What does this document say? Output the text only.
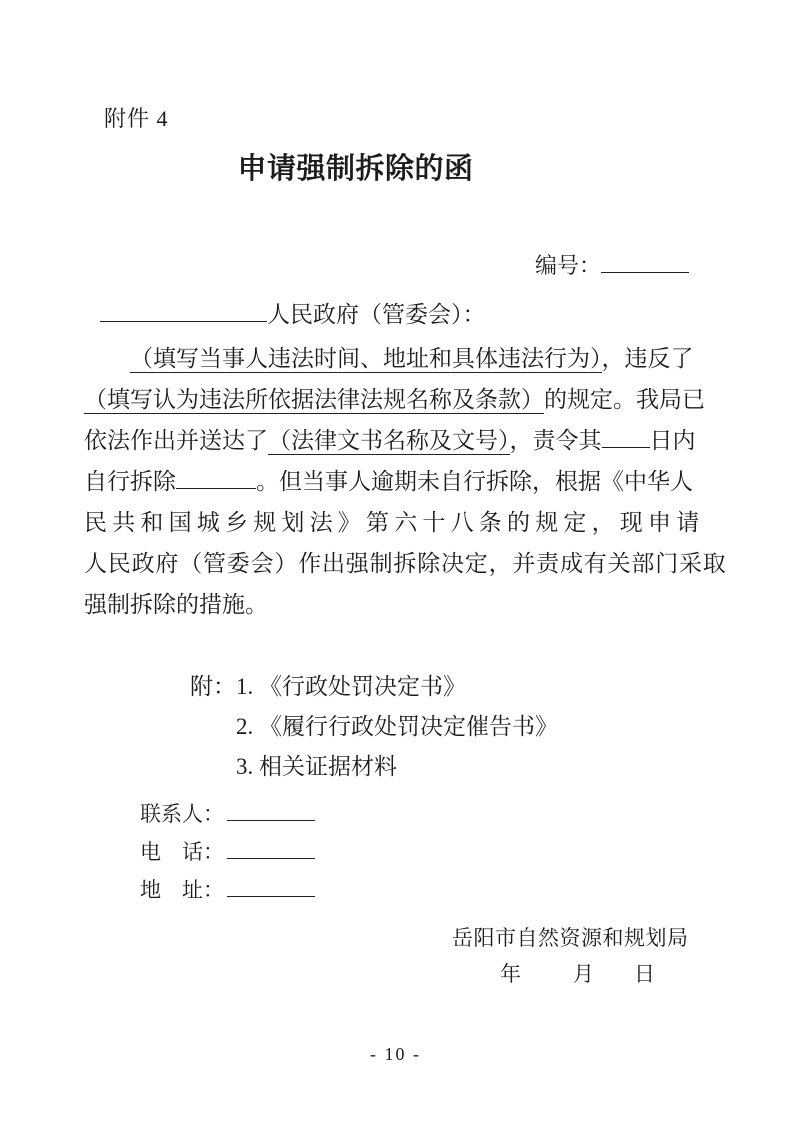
附件 4
申请强制拆除的函
编号：
人民政府（管委会）：
（填写当事人违法时间、地址和具体违法行为），违反了
（填写认为违法所依据法律法规名称及条款）的规定。我局已
依法作出并送达了（法律文书名称及文号），责令其 日内
自行拆除	。但当事人逾期未自行拆除，根据《中华人
民共和国城乡规划法》第六十八条的规定，现申请
人民政府（管委会）作出强制拆除决定，并责成有关部门采取
强制拆除的措施。
附：1. 《行政处罚决定书》
2. 《履行行政处罚决定催告书》
3. 相关证据材料
联系人：
电　话：
地　址：
岳阳市自然资源和规划局
年 月 日
- 10 -
